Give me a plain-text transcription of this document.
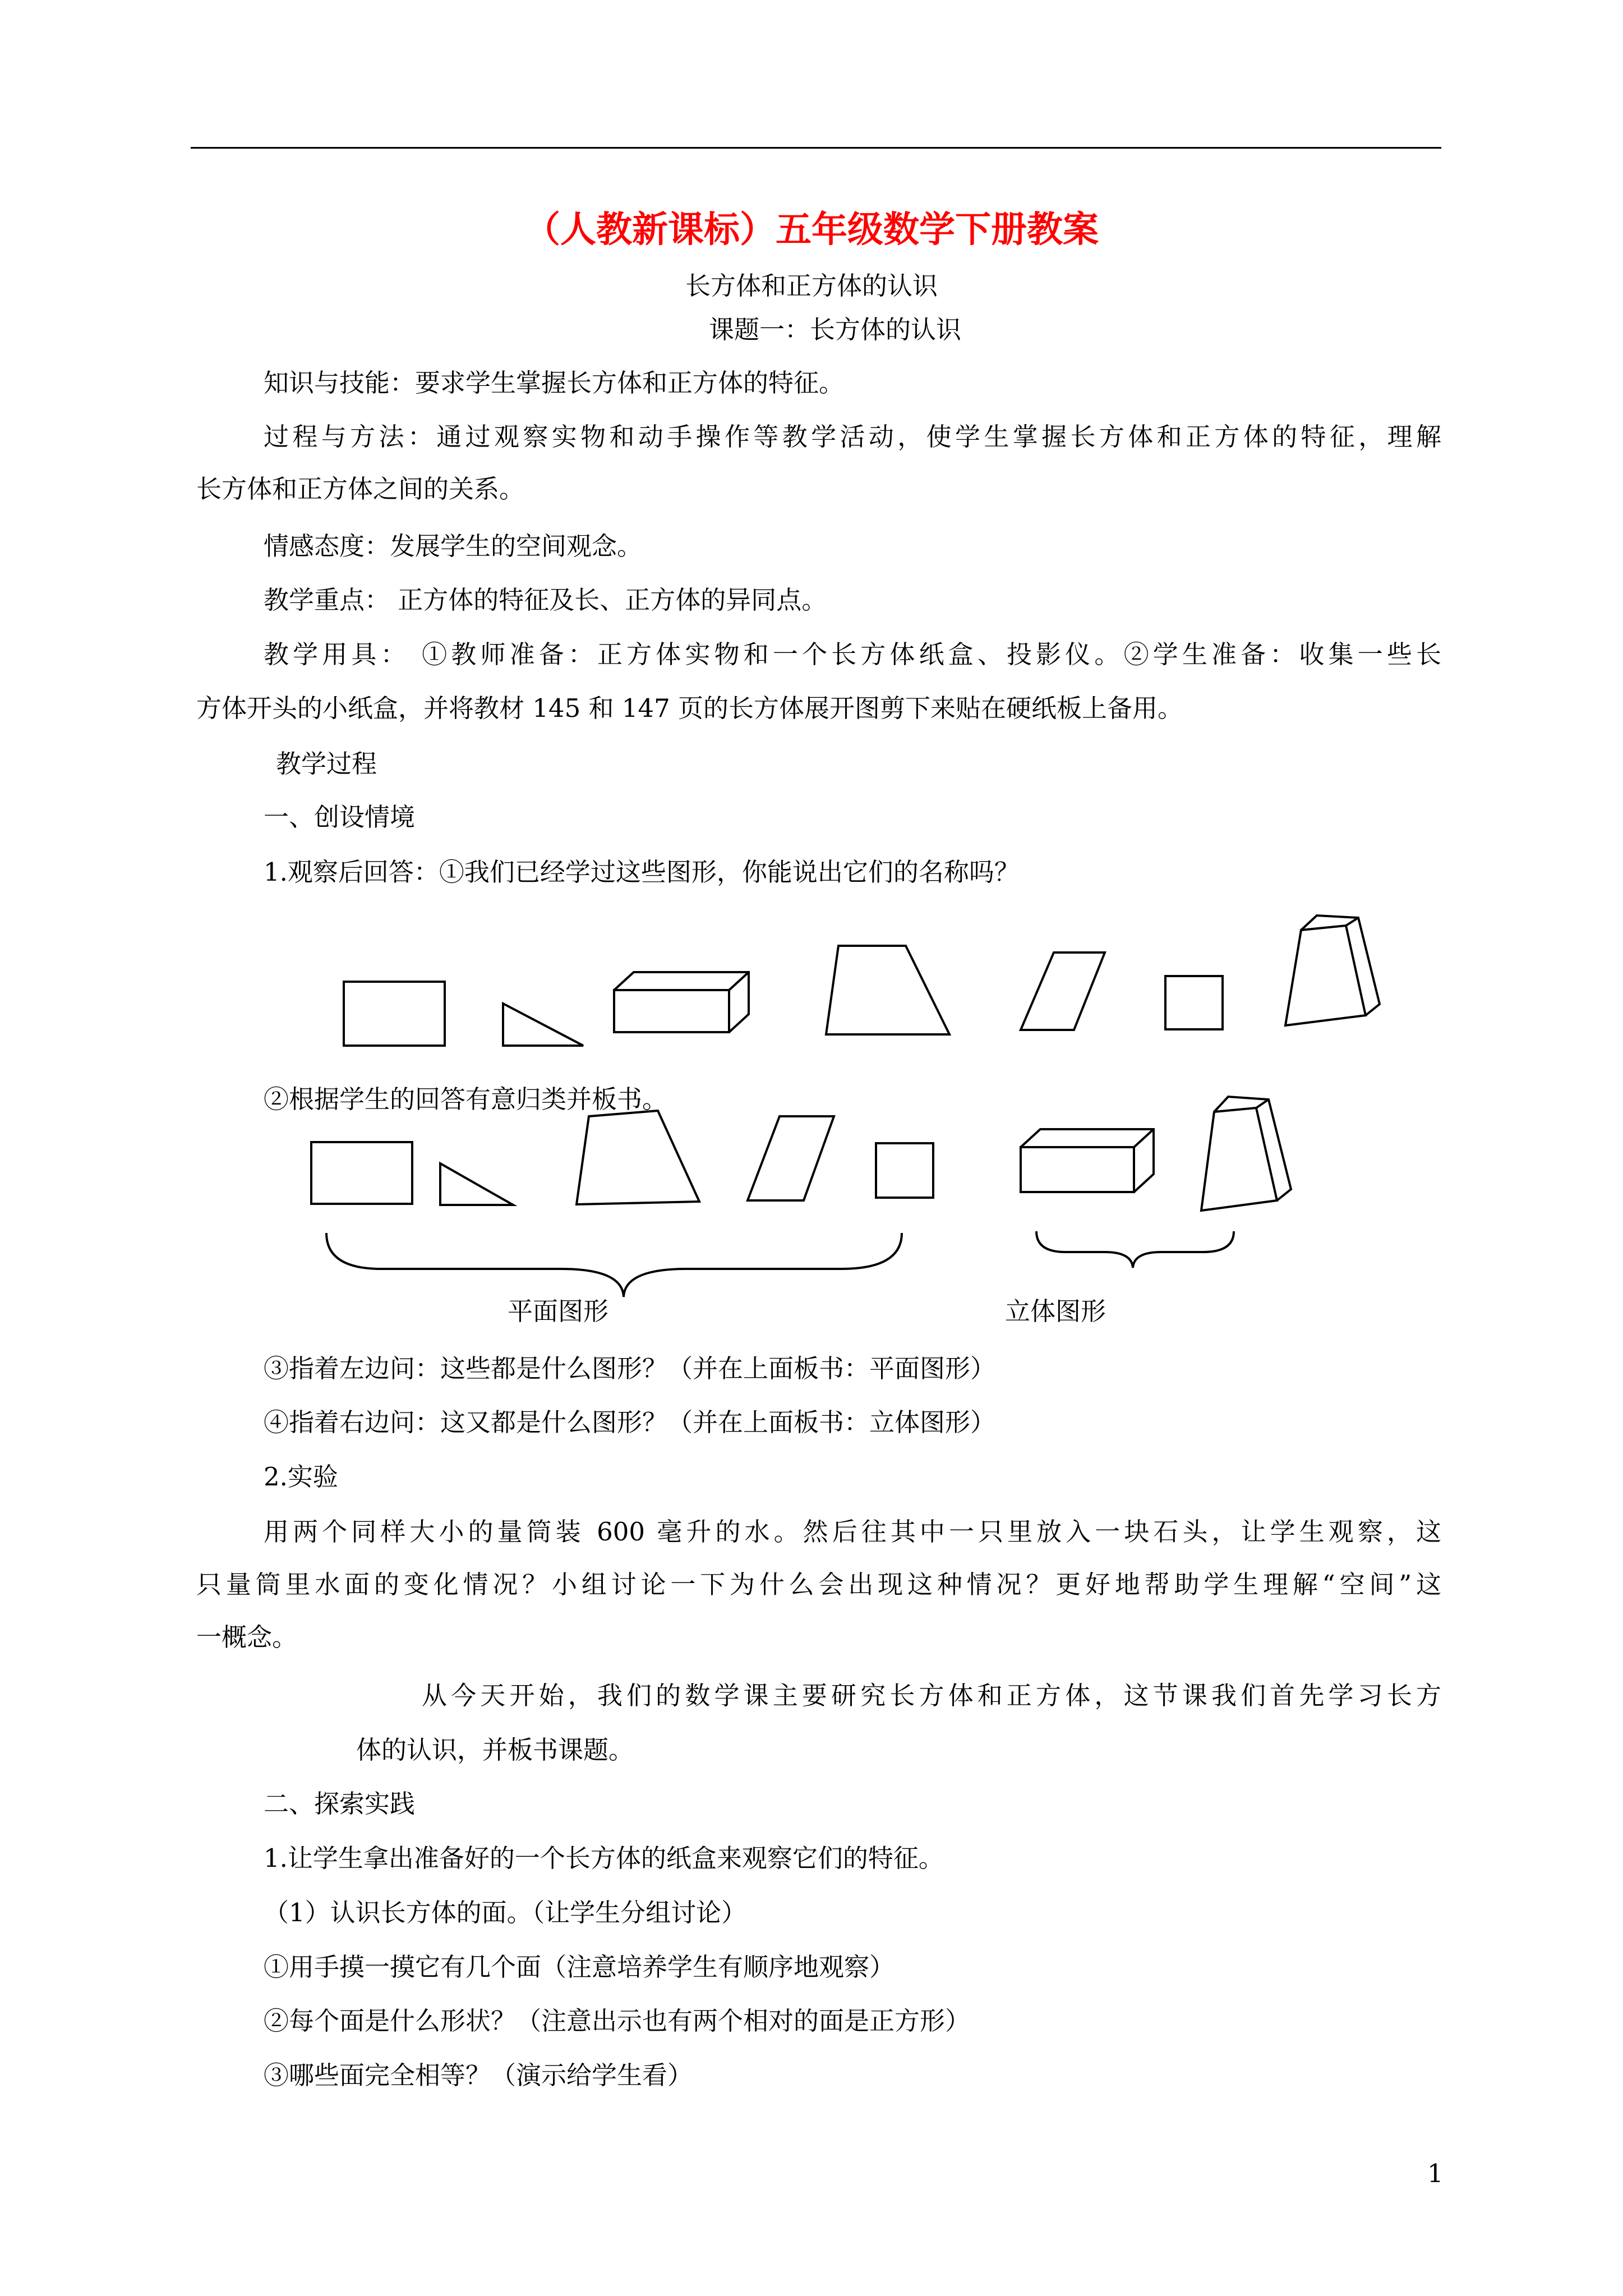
（人教新课标）五年级数学下册教案
长方体和正方体的认识
课题一：长方体的认识
知识与技能：要求学生掌握长方体和正方体的特征。
过程与方法：通过观察实物和动手操作等教学活动，使学生掌握长方体和正方体的特征，理解
长方体和正方体之间的关系。
情感态度：发展学生的空间观念。
教学重点： 正方体的特征及长、正方体的异同点。
教学用具： ①教师准备：正方体实物和一个长方体纸盒、投影仪。②学生准备：收集一些长
方体开头的小纸盒，并将教材 145 和 147 页的长方体展开图剪下来贴在硬纸板上备用。
教学过程
一、创设情境
1.观察后回答：①我们已经学过这些图形，你能说出它们的名称吗？
②根据学生的回答有意归类并板书。
平面图形	立体图形
③指着左边问：这些都是什么图形？（并在上面板书：平面图形）
④指着右边问：这又都是什么图形？（并在上面板书：立体图形）
2.实验
用两个同样大小的量筒装 600 毫升的水。然后往其中一只里放入一块石头，让学生观察，这
只量筒里水面的变化情况？小组讨论一下为什么会出现这种情况？更好地帮助学生理解“空间”这
一概念。
从今天开始，我们的数学课主要研究长方体和正方体，这节课我们首先学习长方
体的认识，并板书课题。
二、探索实践
1.让学生拿出准备好的一个长方体的纸盒来观察它们的特征。
（1）认识长方体的面。（让学生分组讨论）
①用手摸一摸它有几个面（注意培养学生有顺序地观察）
②每个面是什么形状？（注意出示也有两个相对的面是正方形）
③哪些面完全相等？（演示给学生看）
1
